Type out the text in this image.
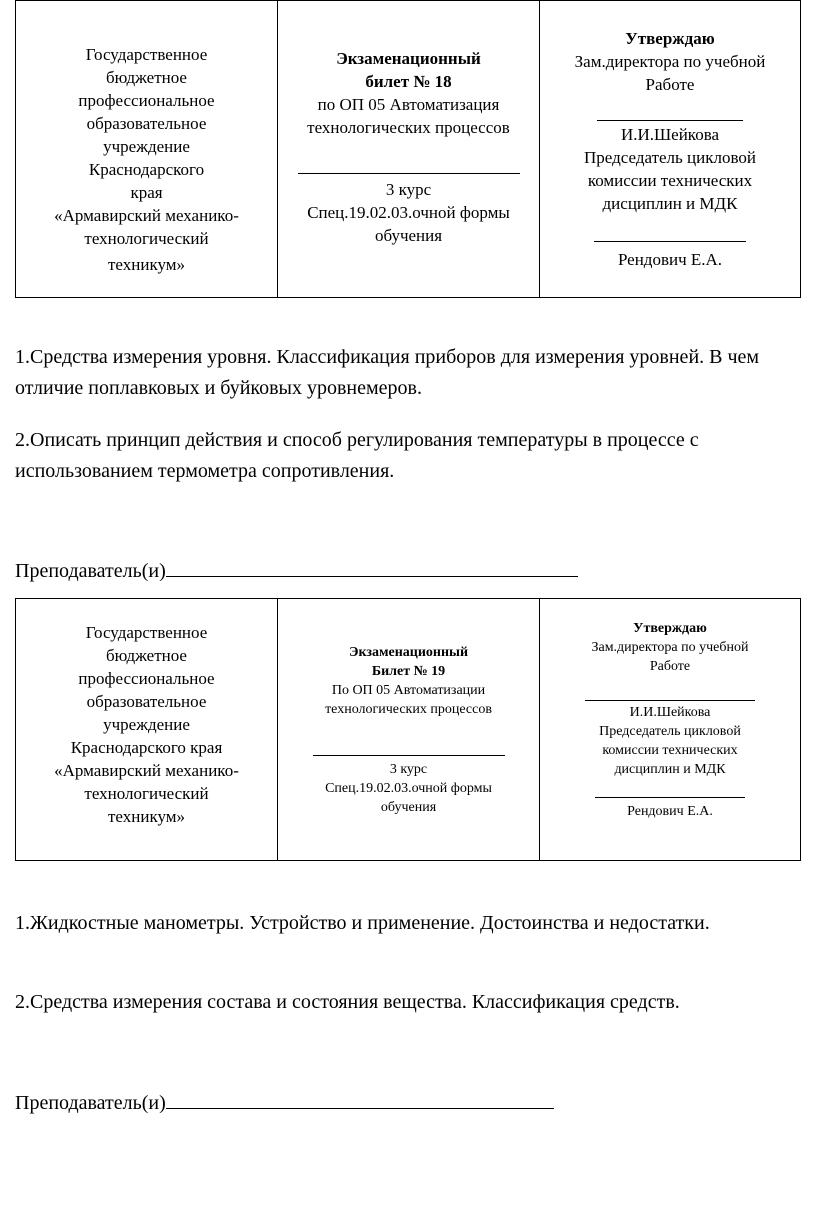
Государственное
бюджетное
профессиональное
образовательное
учреждение
Краснодарского
края
«Армавирский механико-
технологический
техникум»
Экзаменационный
билет № 18
по ОП 05 Автоматизация
технологических процессов
3 курс
Спец.19.02.03.очной формы
обучения
Утверждаю
Зам.директора по учебной
Работе
И.И.Шейкова
Председатель цикловой
комиссии технических
дисциплин и МДК
Рендович Е.А.

1.Средства измерения уровня. Классификация приборов для измерения уровней. В чем отличие поплавковых и буйковых уровнемеров.

2.Описать принцип действия и способ регулирования температуры в процессе с использованием термометра сопротивления.

Преподаватель(и)
Государственное
бюджетное
профессиональное
образовательное
учреждение
Краснодарского края
«Армавирский механико-
технологический
техникум»
Экзаменационный
Билет № 19
По ОП 05 Автоматизации
технологических процессов
3 курс
Спец.19.02.03.очной формы
обучения
Утверждаю
Зам.директора по учебной
Работе
И.И.Шейкова
Председатель цикловой
комиссии технических
дисциплин и МДК
Рендович Е.А.

1.Жидкостные манометры. Устройство и применение. Достоинства и недостатки.

2.Средства измерения состава и состояния вещества. Классификация средств.

Преподаватель(и)
